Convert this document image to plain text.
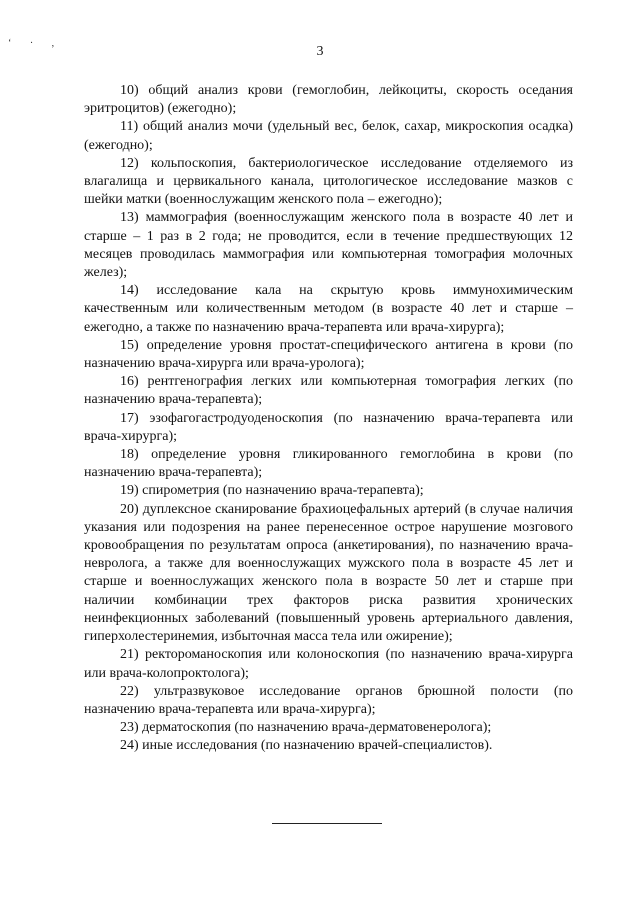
‘ · ,
3

10) общий анализ крови (гемоглобин, лейкоциты, скорость оседания эритроцитов) (ежегодно);

11) общий анализ мочи (удельный вес, белок, сахар, микроскопия осадка) (ежегодно);

12) кольпоскопия, бактериологическое исследование отделяемого из влагалища и цервикального канала, цитологическое исследование мазков с шейки матки (военнослужащим женского пола – ежегодно);

13) маммография (военнослужащим женского пола в возрасте 40 лет и старше – 1 раз в 2 года; не проводится, если в течение предшествующих 12 месяцев проводилась маммография или компьютерная томография молочных желез);

14) исследование кала на скрытую кровь иммунохимическим качественным или количественным методом (в возрасте 40 лет и старше – ежегодно, а также по назначению врача-терапевта или врача-хирурга);

15) определение уровня простат-специфического антигена в крови (по назначению врача-хирурга или врача-уролога);

16) рентгенография легких или компьютерная томография легких (по назначению врача-терапевта);

17) эзофагогастродуоденоскопия (по назначению врача-терапевта или врача-хирурга);

18) определение уровня гликированного гемоглобина в крови (по назначению врача-терапевта);

19) спирометрия (по назначению врача-терапевта);

20) дуплексное сканирование брахиоцефальных артерий (в случае наличия указания или подозрения на ранее перенесенное острое нарушение мозгового кровообращения по результатам опроса (анкетирования), по назначению врача-невролога, а также для военнослужащих мужского пола в возрасте 45 лет и старше и военнослужащих женского пола в возрасте 50 лет и старше при наличии комбинации трех факторов риска развития хронических неинфекционных заболеваний (повышенный уровень артериального давления, гиперхолестеринемия, избыточная масса тела или ожирение);

21) ректороманоскопия или колоноскопия (по назначению врача-хирурга или врача-колопроктолога);

22) ультразвуковое исследование органов брюшной полости (по назначению врача-терапевта или врача-хирурга);

23) дерматоскопия (по назначению врача-дерматовенеролога);

24) иные исследования (по назначению врачей-специалистов).
